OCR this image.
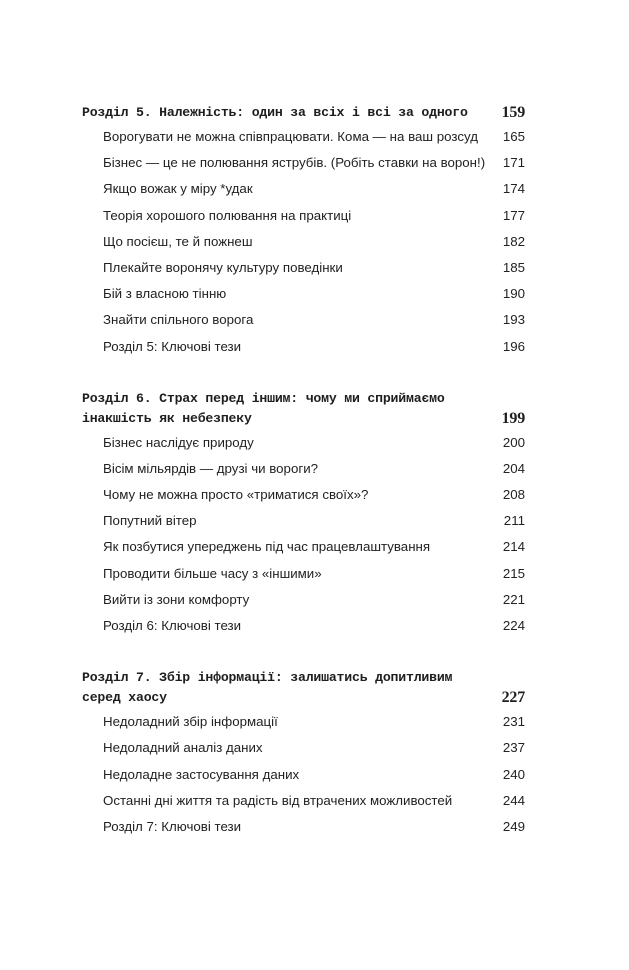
Розділ 5. Належність: один за всіх і всі за одного	159
Ворогувати не можна співпрацювати. Кома — на ваш розсуд 165
Бізнес — це не полювання яструбів. (Робіть ставки на ворон!) 171
Якщо вожак у міру *удак	174
Теорія хорошого полювання на практиці	177
Що посієш, те й пожнеш	182
Плекайте воронячу культуру поведінки	185
Бій з власною тінню	190
Знайти спільного ворога	193
Розділ 5: Ключові тези	196
Розділ 6. Страх перед іншим: чому ми сприймаємо
інакшість як небезпеку	199
Бізнес наслідує природу	200
Вісім мільярдів — друзі чи вороги?	204
Чому не можна просто «триматися своїх»?	208
Попутний вітер	211
Як позбутися упереджень під час працевлаштування	214
Проводити більше часу з «іншими»	215
Вийти із зони комфорту	221
Розділ 6: Ключові тези	224
Розділ 7. Збір інформації: залишатись допитливим
серед хаосу	227
Недоладний збір інформації	231
Недоладний аналіз даних	237
Недоладне застосування даних	240
Останні дні життя та радість від втрачених можливостей	244
Розділ 7: Ключові тези	249
